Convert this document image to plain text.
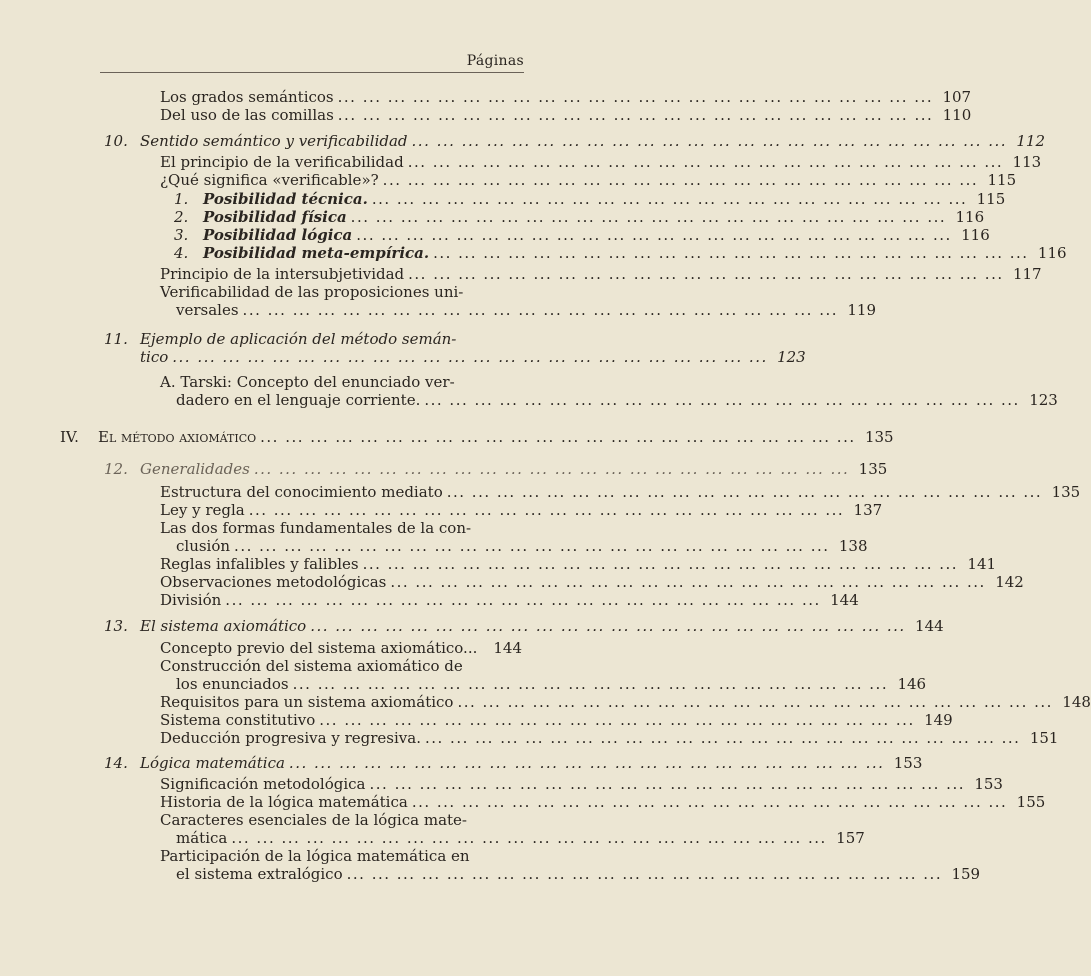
Páginas
Los grados semánticos ... ... ... ... ... ... ... ... ... ... ... ... ... ... ... ... ... ... ... ... ... ... ... ... 107
Del uso de las comillas ... ... ... ... ... ... ... ... ... ... ... ... ... ... ... ... ... ... ... ... ... ... ... ... 110
10. Sentido semántico y verificabilidad ... ... ... ... ... ... ... ... ... ... ... ... ... ... ... ... ... ... ... ... ... ... ... ... 112
El principio de la verificabilidad ... ... ... ... ... ... ... ... ... ... ... ... ... ... ... ... ... ... ... ... ... ... ... ... 113
¿Qué significa «verificable»? ... ... ... ... ... ... ... ... ... ... ... ... ... ... ... ... ... ... ... ... ... ... ... ... 115
1. Posibilidad técnica. ... ... ... ... ... ... ... ... ... ... ... ... ... ... ... ... ... ... ... ... ... ... ... ... 115
2. Posibilidad física ... ... ... ... ... ... ... ... ... ... ... ... ... ... ... ... ... ... ... ... ... ... ... ... 116
3. Posibilidad lógica ... ... ... ... ... ... ... ... ... ... ... ... ... ... ... ... ... ... ... ... ... ... ... ... 116
4. Posibilidad meta-empírica. ... ... ... ... ... ... ... ... ... ... ... ... ... ... ... ... ... ... ... ... ... ... ... ... 116
Principio de la intersubjetividad ... ... ... ... ... ... ... ... ... ... ... ... ... ... ... ... ... ... ... ... ... ... ... ... 117
Verificabilidad de las proposiciones uni-
versales ... ... ... ... ... ... ... ... ... ... ... ... ... ... ... ... ... ... ... ... ... ... ... ... 119
11. Ejemplo de aplicación del método semán-
tico ... ... ... ... ... ... ... ... ... ... ... ... ... ... ... ... ... ... ... ... ... ... ... ... 123
A. Tarski: Concepto del enunciado ver-
dadero en el lenguaje corriente. ... ... ... ... ... ... ... ... ... ... ... ... ... ... ... ... ... ... ... ... ... ... ... ... 123
IV. El método axiomático ... ... ... ... ... ... ... ... ... ... ... ... ... ... ... ... ... ... ... ... ... ... ... ... 135
12. Generalidades ... ... ... ... ... ... ... ... ... ... ... ... ... ... ... ... ... ... ... ... ... ... ... ... 135
Estructura del conocimiento mediato ... ... ... ... ... ... ... ... ... ... ... ... ... ... ... ... ... ... ... ... ... ... ... ... 135
Ley y regla ... ... ... ... ... ... ... ... ... ... ... ... ... ... ... ... ... ... ... ... ... ... ... ... 137
Las dos formas fundamentales de la con-
clusión ... ... ... ... ... ... ... ... ... ... ... ... ... ... ... ... ... ... ... ... ... ... ... ... 138
Reglas infalibles y falibles ... ... ... ... ... ... ... ... ... ... ... ... ... ... ... ... ... ... ... ... ... ... ... ... 141
Observaciones metodológicas ... ... ... ... ... ... ... ... ... ... ... ... ... ... ... ... ... ... ... ... ... ... ... ... 142
División ... ... ... ... ... ... ... ... ... ... ... ... ... ... ... ... ... ... ... ... ... ... ... ... 144
13. El sistema axiomático ... ... ... ... ... ... ... ... ... ... ... ... ... ... ... ... ... ... ... ... ... ... ... ... 144
Concepto previo del sistema axiomático...	144
Construcción del sistema axiomático de
los enunciados ... ... ... ... ... ... ... ... ... ... ... ... ... ... ... ... ... ... ... ... ... ... ... ... 146
Requisitos para un sistema axiomático ... ... ... ... ... ... ... ... ... ... ... ... ... ... ... ... ... ... ... ... ... ... ... ... 148
Sistema constitutivo ... ... ... ... ... ... ... ... ... ... ... ... ... ... ... ... ... ... ... ... ... ... ... ... 149
Deducción progresiva y regresiva. ... ... ... ... ... ... ... ... ... ... ... ... ... ... ... ... ... ... ... ... ... ... ... ... 151
14. Lógica matemática ... ... ... ... ... ... ... ... ... ... ... ... ... ... ... ... ... ... ... ... ... ... ... ... 153
Significación metodológica ... ... ... ... ... ... ... ... ... ... ... ... ... ... ... ... ... ... ... ... ... ... ... ... 153
Historia de la lógica matemática ... ... ... ... ... ... ... ... ... ... ... ... ... ... ... ... ... ... ... ... ... ... ... ... 155
Caracteres esenciales de la lógica mate-
mática ... ... ... ... ... ... ... ... ... ... ... ... ... ... ... ... ... ... ... ... ... ... ... ... 157
Participación de la lógica matemática en
el sistema extralógico ... ... ... ... ... ... ... ... ... ... ... ... ... ... ... ... ... ... ... ... ... ... ... ... 159
